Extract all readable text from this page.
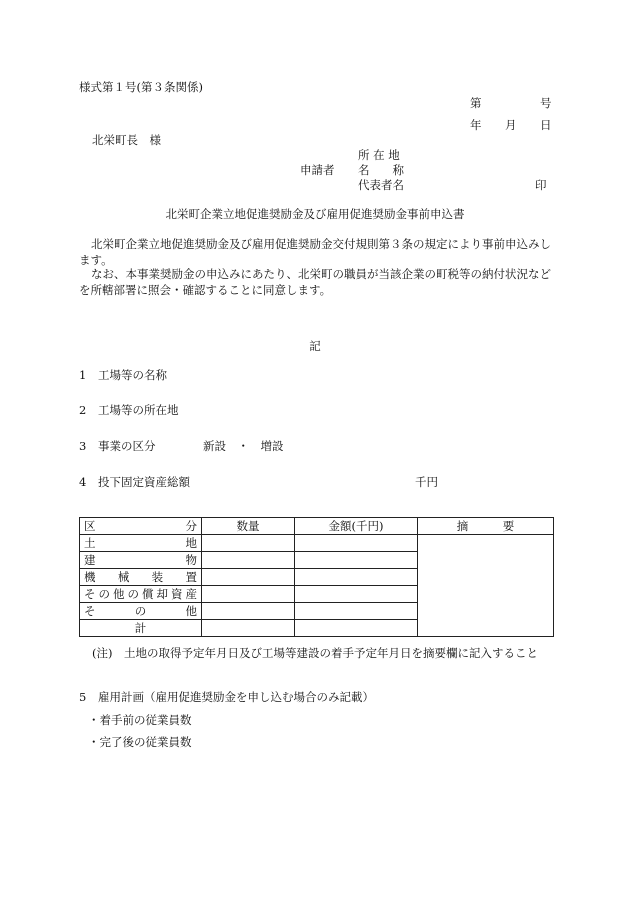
様式第１号(第３条関係)
第	号
年 月 日
北栄町長　様
所 在 地
申請者 名　　称
代表者名	印
北栄町企業立地促進奨励金及び雇用促進奨励金事前申込書
北栄町企業立地促進奨励金及び雇用促進奨励金交付規則第３条の規定により事前申込みします。
なお、本事業奨励金の申込みにあたり、北栄町の職員が当該企業の町税等の納付状況などを所轄部署に照会・確認することに同意します。
記
1 工場等の名称
2 工場等の所在地
3 事業の区分	新設　・　増設
4 投下固定資産総額	千円
区　　　　　分	数量	金額(千円)	摘　　　要

土 地			

建 物			

機械装置			
その他の償却資産			

そ の 他			

計			
(注)　土地の取得予定年月日及び工場等建設の着手予定年月日を摘要欄に記入すること
5 雇用計画（雇用促進奨励金を申し込む場合のみ記載）
・着手前の従業員数
・完了後の従業員数
